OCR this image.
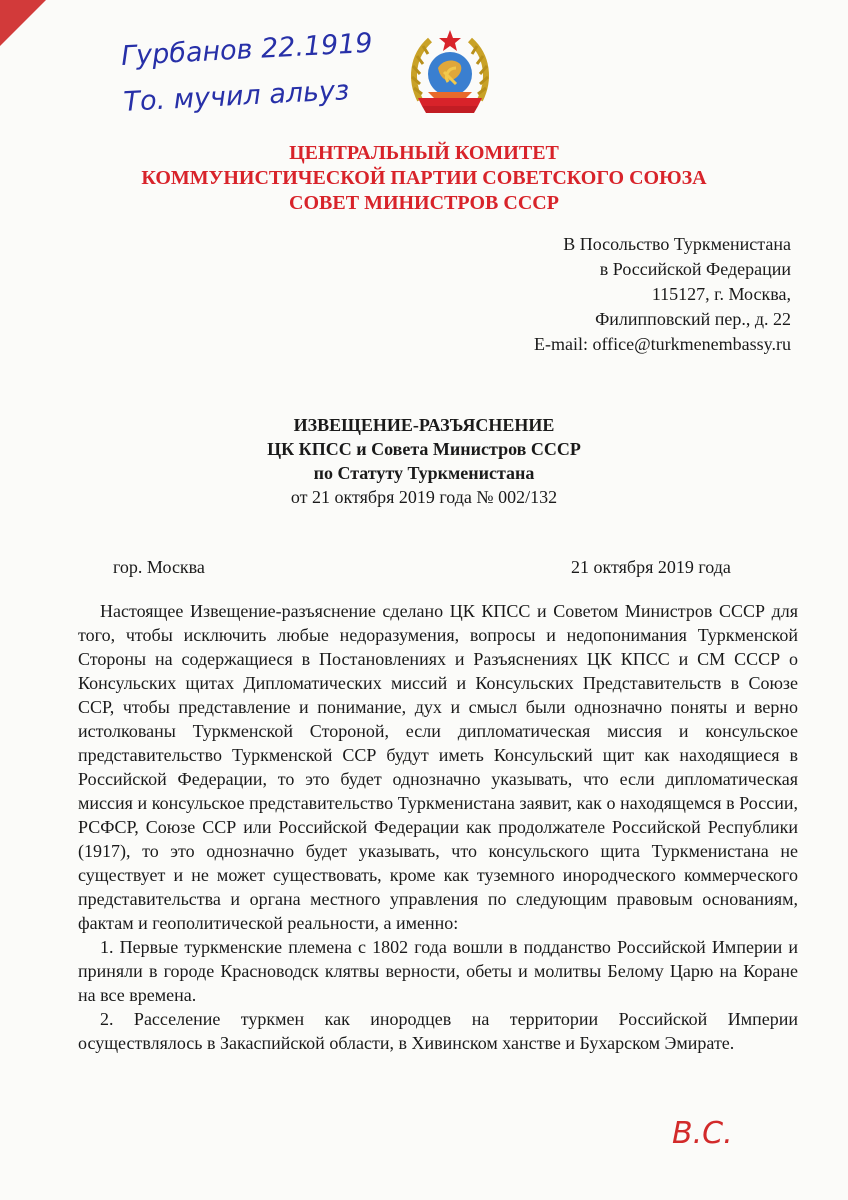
Гурбанов 22.1919
То. мучил альуз
ЦЕНТРАЛЬНЫЙ КОМИТЕТ
КОММУНИСТИЧЕСКОЙ ПАРТИИ СОВЕТСКОГО СОЮЗА
СОВЕТ МИНИСТРОВ СССР
В Посольство Туркменистана
в Российской Федерации
115127, г. Москва,
Филипповский пер., д. 22
E-mail: office@turkmenembassy.ru
ИЗВЕЩЕНИЕ-РАЗЪЯСНЕНИЕ
ЦК КПСС и Совета Министров СССР
по Статуту Туркменистана
от 21 октября 2019 года № 002/132
гор. Москва	21 октября 2019 года

Настоящее Извещение-разъяснение сделано ЦК КПСС и Советом Министров СССР для того, чтобы исключить любые недоразумения, вопросы и недопонимания Туркменской Стороны на содержащиеся в Постановлениях и Разъяснениях ЦК КПСС и СМ СССР о Консульских щитах Дипломатических миссий и Консульских Представительств в Союзе ССР, чтобы представление и понимание, дух и смысл были однозначно поняты и верно истолкованы Туркменской Стороной, если дипломатическая миссия и консульское представительство Туркменской ССР будут иметь Консульский щит как находящиеся в Российской Федерации, то это будет однозначно указывать, что если дипломатическая миссия и консульское представительство Туркменистана заявит, как о находящемся в России, РСФСР, Союзе ССР или Российской Федерации как продолжателе Российской Республики (1917), то это однозначно будет указывать, что консульского щита Туркменистана не существует и не может существовать, кроме как туземного инородческого коммерческого представительства и органа местного управления по следующим правовым основаниям, фактам и геополитической реальности, а именно:

1. Первые туркменские племена с 1802 года вошли в подданство Российской Империи и приняли в городе Красноводск клятвы верности, обеты и молитвы Белому Царю на Коране на все времена.

2. Расселение туркмен как инородцев на территории Российской Империи осуществлялось в Закаспийской области, в Хивинском ханстве и Бухарском Эмирате.

В.С.
